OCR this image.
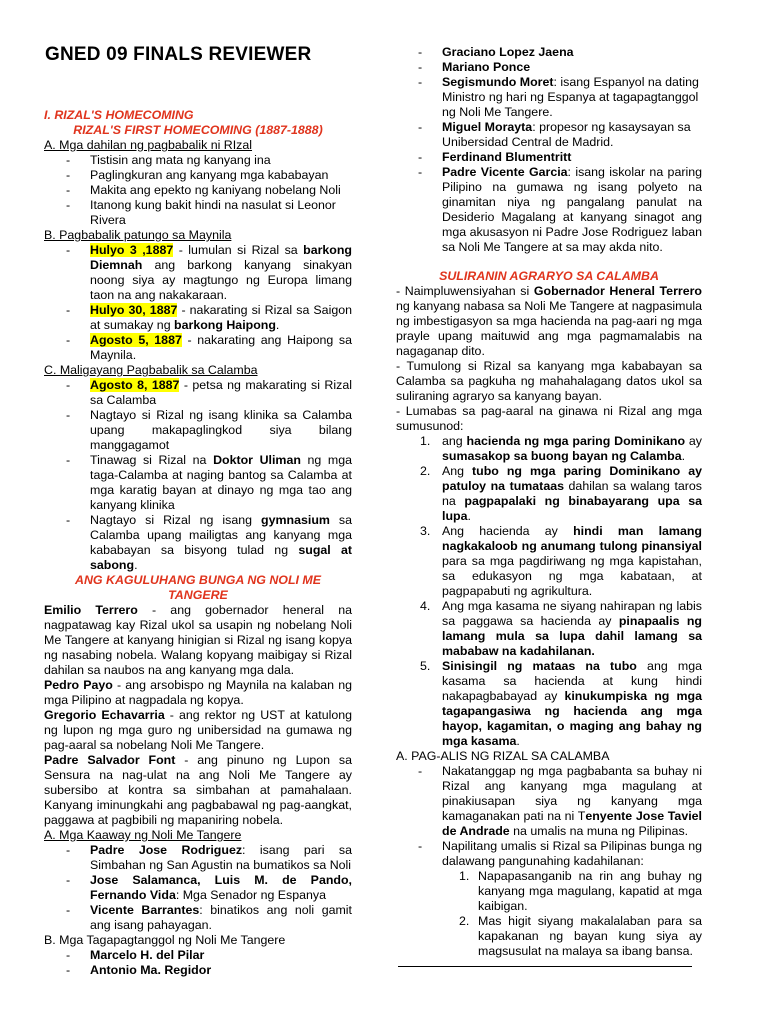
GNED 09 FINALS REVIEWER
I. RIZAL'S HOMECOMING
RIZAL'S FIRST HOMECOMING (1887-1888)
A. Mga dahilan ng pagbabalik ni RIzal
- Tistisin ang mata ng kanyang ina
- Paglingkuran ang kanyang mga kababayan
- Makita ang epekto ng kaniyang nobelang Noli
- Itanong kung bakit hindi na nasulat si Leonor Rivera
B. Pagbabalik patungo sa Maynila
- Hulyo 3 ,1887 - lumulan si Rizal sa barkong Diemnah ang barkong kanyang sinakyan noong siya ay magtungo ng Europa limang taon na ang nakakaraan.
- Hulyo 30, 1887 - nakarating si Rizal sa Saigon at sumakay ng barkong Haipong.
- Agosto 5, 1887 - nakarating ang Haipong sa Maynila.
C. Maligayang Pagbabalik sa Calamba
- Agosto 8, 1887 - petsa ng makarating si Rizal sa Calamba
- Nagtayo si Rizal ng isang klinika sa Calamba upang makapaglingkod siya bilang manggagamot
- Tinawag si Rizal na Doktor Uliman ng mga taga-Calamba at naging bantog sa Calamba at mga karatig bayan at dinayo ng mga tao ang kanyang klinika
- Nagtayo si Rizal ng isang gymnasium sa Calamba upang mailigtas ang kanyang mga kababayan sa bisyong tulad ng sugal at sabong.
ANG KAGULUHANG BUNGA NG NOLI ME TANGERE
Emilio Terrero - ang gobernador heneral na nagpatawag kay Rizal ukol sa usapin ng nobelang Noli Me Tangere at kanyang hinigian si Rizal ng isang kopya ng nasabing nobela. Walang kopyang maibigay si Rizal dahilan sa naubos na ang kanyang mga dala.
Pedro Payo - ang arsobispo ng Maynila na kalaban ng mga Pilipino at nagpadala ng kopya.
Gregorio Echavarria - ang rektor ng UST at katulong ng lupon ng mga guro ng unibersidad na gumawa ng pag-aaral sa nobelang Noli Me Tangere.
Padre Salvador Font - ang pinuno ng Lupon sa Sensura na nag-ulat na ang Noli Me Tangere ay subersibo at kontra sa simbahan at pamahalaan. Kanyang iminungkahi ang pagbabawal ng pag-aangkat, paggawa at pagbibili ng mapaniring nobela.
A. Mga Kaaway ng Noli Me Tangere
- Padre Jose Rodriguez: isang pari sa Simbahan ng San Agustin na bumatikos sa Noli
- Jose Salamanca, Luis M. de Pando, Fernando Vida: Mga Senador ng Espanya
- Vicente Barrantes: binatikos ang noli gamit ang isang pahayagan.
B. Mga Tagapagtanggol ng Noli Me Tangere
- Marcelo H. del Pilar
- Antonio Ma. Regidor
- Graciano Lopez Jaena
- Mariano Ponce
- Segismundo Moret: isang Espanyol na dating Ministro ng hari ng Espanya at tagapagtanggol ng Noli Me Tangere.
- Miguel Morayta: propesor ng kasaysayan sa Unibersidad Central de Madrid.
- Ferdinand Blumentritt
- Padre Vicente Garcia: isang iskolar na paring Pilipino na gumawa ng isang polyeto na ginamitan niya ng pangalang panulat na Desiderio Magalang at kanyang sinagot ang mga akusasyon ni Padre Jose Rodriguez laban sa Noli Me Tangere at sa may akda nito.
SULIRANIN AGRARYO SA CALAMBA
- Naimpluwensiyahan si Gobernador Heneral Terrero ng kanyang nabasa sa Noli Me Tangere at nagpasimula ng imbestigasyon sa mga hacienda na pag-aari ng mga prayle upang maituwid ang mga pagmamalabis na nagaganap dito.
- Tumulong si Rizal sa kanyang mga kababayan sa Calamba sa pagkuha ng mahahalagang datos ukol sa suliraning agraryo sa kanyang bayan.
- Lumabas sa pag-aaral na ginawa ni Rizal ang mga sumusunod:
1. ang hacienda ng mga paring Dominikano ay sumasakop sa buong bayan ng Calamba.
2. Ang tubo ng mga paring Dominikano ay patuloy na tumataas dahilan sa walang taros na pagpapalaki ng binabayarang upa sa lupa.
3. Ang hacienda ay hindi man lamang nagkakaloob ng anumang tulong pinansiyal para sa mga pagdiriwang ng mga kapistahan, sa edukasyon ng mga kabataan, at pagpapabuti ng agrikultura.
4. Ang mga kasama ne siyang nahirapan ng labis sa paggawa sa hacienda ay pinapaalis ng lamang mula sa lupa dahil lamang sa mababaw na kadahilanan.
5. Sinisingil ng mataas na tubo ang mga kasama sa hacienda at kung hindi nakapagbabayad ay kinukumpiska ng mga tagapangasiwa ng hacienda ang mga hayop, kagamitan, o maging ang bahay ng mga kasama.
A. PAG-ALIS NG RIZAL SA CALAMBA
- Nakatanggap ng mga pagbabanta sa buhay ni Rizal ang kanyang mga magulang at pinakiusapan siya ng kanyang mga kamaganakan pati na ni Tenyente Jose Taviel de Andrade na umalis na muna ng Pilipinas.
- Napilitang umalis si Rizal sa Pilipinas bunga ng dalawang pangunahing kadahilanan:
1. Napapasanganib na rin ang buhay ng kanyang mga magulang, kapatid at mga kaibigan.
2. Mas higit siyang makalalaban para sa kapakanan ng bayan kung siya ay magsusulat na malaya sa ibang bansa.
